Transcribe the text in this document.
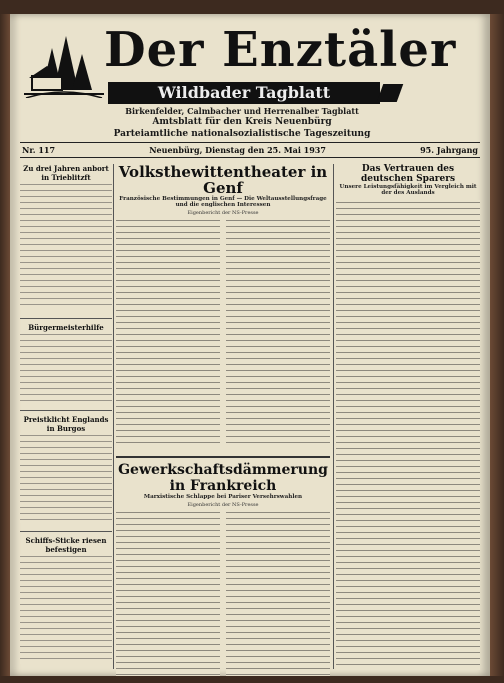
Der Enztäler
Wildbader Tagblatt
Birkenfelder, Calmbacher und Herrenalber Tagblatt
Amtsblatt für den Kreis Neuenbürg
Parteiamtliche nationalsozialistische Tageszeitung
Nr. 117	Neuenbürg, Dienstag den 25. Mai 1937	95. Jahrgang
Zu drei Jahren anbort in Trieblitzft
Bürgermeisterhilfe
Preistklicht Englands in Burgos
Schiffs-Sticke riesen befestigen
Volksthewittentheater in Genf
Französische Bestimmungen in Genf — Die Weltausstellungsfrage und die englischen Interessen
Eigenbericht der NS-Presse
Gewerkschaftsdämmerung in Frankreich
Marxistische Schlappe bei Pariser Versehrswahlen
Eigenbericht der NS-Presse
Das Vertrauen des deutschen Sparers
Unsere Leistungsfähigkeit im Vergleich mit der des Auslands
